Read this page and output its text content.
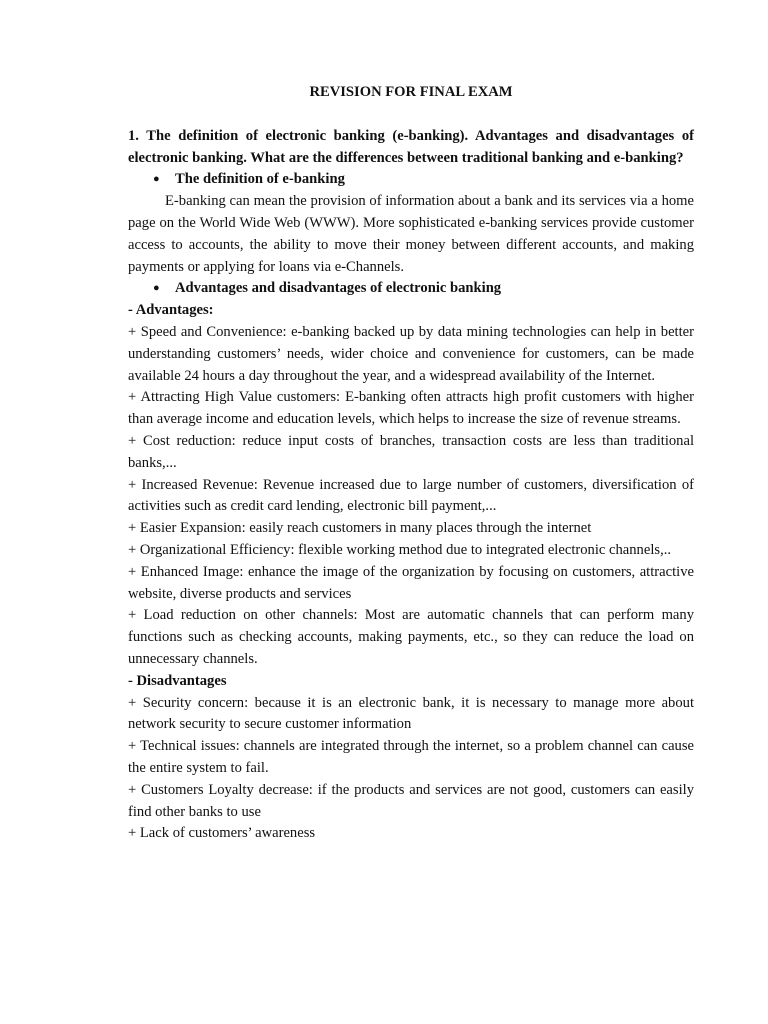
REVISION FOR FINAL EXAM

1. The definition of electronic banking (e-banking). Advantages and disadvantages of electronic banking. What are the differences between traditional banking and e-banking?

● The definition of e-banking

E-banking can mean the provision of information about a bank and its services via a home page on the World Wide Web (WWW). More sophisticated e-banking services provide customer access to accounts, the ability to move their money between different accounts, and making payments or applying for loans via e-Channels.

● Advantages and disadvantages of electronic banking

- Advantages:

+ Speed and Convenience: e-banking backed up by data mining technologies can help in better understanding customers’ needs, wider choice and convenience for customers, can be made available 24 hours a day throughout the year, and a widespread availability of the Internet.

+ Attracting High Value customers: E-banking often attracts high profit customers with higher than average income and education levels, which helps to increase the size of revenue streams.

+ Cost reduction: reduce input costs of branches, transaction costs are less than traditional banks,...

+ Increased Revenue: Revenue increased due to large number of customers, diversification of activities such as credit card lending, electronic bill payment,...

+ Easier Expansion: easily reach customers in many places through the internet

+ Organizational Efficiency: flexible working method due to integrated electronic channels,..

+ Enhanced Image: enhance the image of the organization by focusing on customers, attractive website, diverse products and services

+ Load reduction on other channels: Most are automatic channels that can perform many functions such as checking accounts, making payments, etc., so they can reduce the load on unnecessary channels.

- Disadvantages

+ Security concern: because it is an electronic bank, it is necessary to manage more about network security to secure customer information

+ Technical issues: channels are integrated through the internet, so a problem channel can cause the entire system to fail.

+ Customers Loyalty decrease: if the products and services are not good, customers can easily find other banks to use

+ Lack of customers’ awareness
